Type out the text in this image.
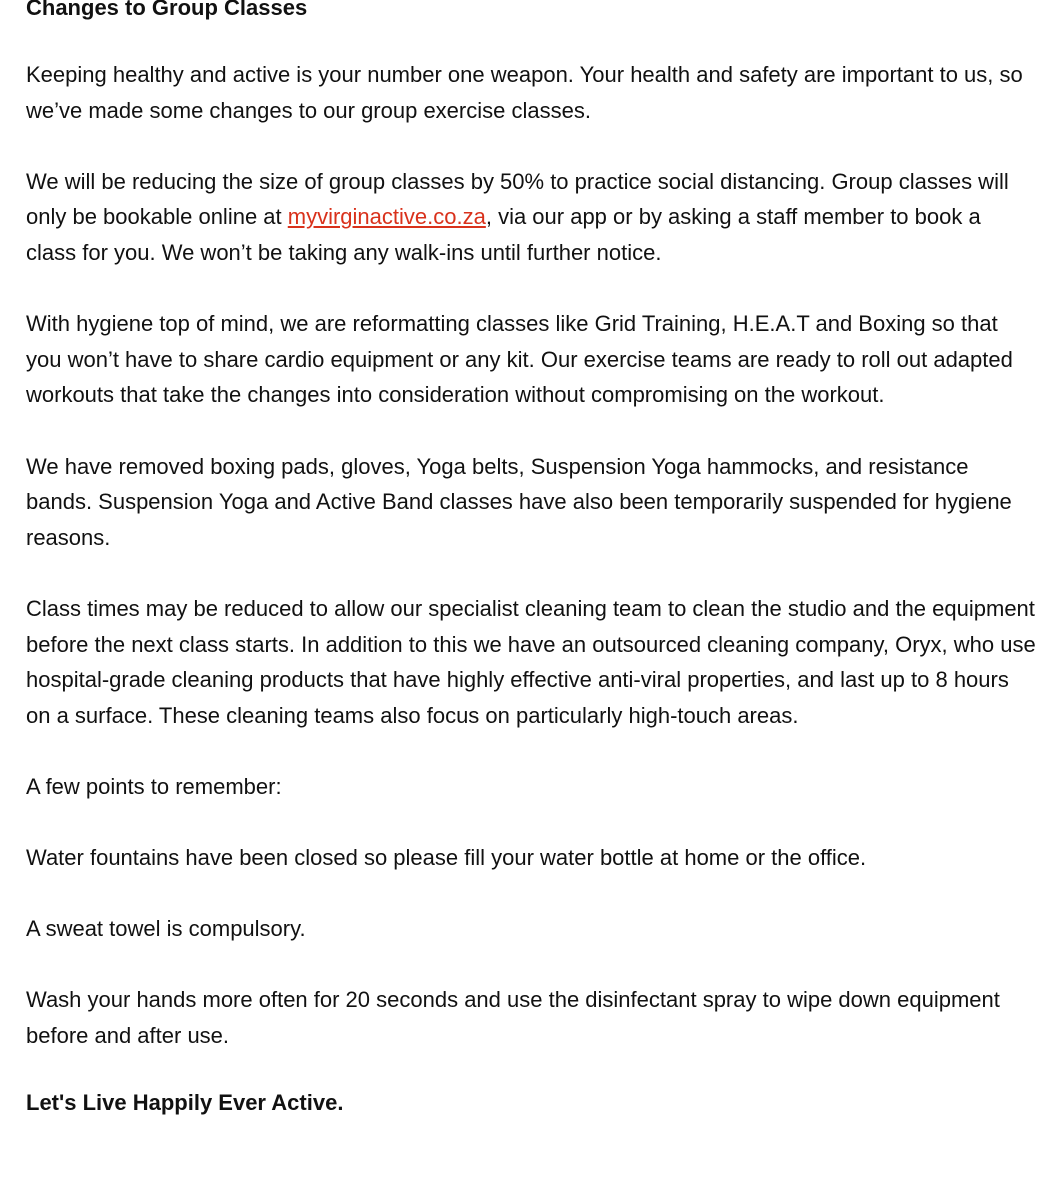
Changes to Group Classes

Keeping healthy and active is your number one weapon. Your health and safety are important to us, so we’ve made some changes to our group exercise classes.

We will be reducing the size of group classes by 50% to practice social distancing. Group classes will only be bookable online at myvirginactive.co.za, via our app or by asking a staff member to book a class for you. We won’t be taking any walk-ins until further notice.

With hygiene top of mind, we are reformatting classes like Grid Training, H.E.A.T and Boxing so that you won’t have to share cardio equipment or any kit. Our exercise teams are ready to roll out adapted workouts that take the changes into consideration without compromising on the workout.

We have removed boxing pads, gloves, Yoga belts, Suspension Yoga hammocks, and resistance bands. Suspension Yoga and Active Band classes have also been temporarily suspended for hygiene reasons.

Class times may be reduced to allow our specialist cleaning team to clean the studio and the equipment before the next class starts. In addition to this we have an outsourced cleaning company, Oryx, who use hospital-grade cleaning products that have highly effective anti-viral properties, and last up to 8 hours on a surface. These cleaning teams also focus on particularly high-touch areas.

A few points to remember:

Water fountains have been closed so please fill your water bottle at home or the office.

A sweat towel is compulsory.

Wash your hands more often for 20 seconds and use the disinfectant spray to wipe down equipment before and after use.

Let's Live Happily Ever Active.
